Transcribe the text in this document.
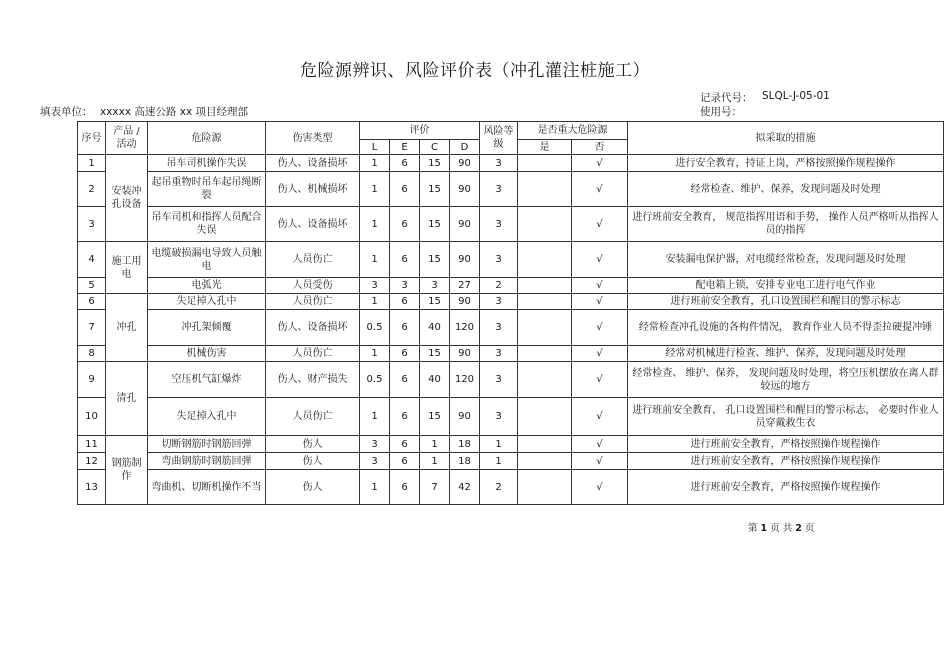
危险源辨识、风险评价表（冲孔灌注桩施工）
记录代号： SLQL-J-05-01
填表单位： xxxxx 高速公路 xx 项目经理部	使用号：
序号	产品 / 活动	危险源	伤害类型	评价				风险等级	是否重大危险源		拟采取的措施
				L	E	C	D		是	否	
1	安装冲孔设备	吊车司机操作失误	伤人、设备损坏	1	6	15	90	3		√	进行安全教育，持证上岗，严格按照操作规程操作
2		起吊重物时吊车起吊绳断裂	伤人、机械损坏	1	6	15	90	3		√	经常检查、维护、保养，发现问题及时处理
3		吊车司机和指挥人员配合失误	伤人、设备损坏	1	6	15	90	3		√	进行班前安全教育， 规范指挥用语和手势， 操作人员严格听从指挥人员的指挥
4	施工用电	电缆破损漏电导致人员触电	人员伤亡	1	6	15	90	3		√	安装漏电保护器，对电缆经常检查，发现问题及时处理
5		电弧光	人员受伤	3	3	3	27	2		√	配电箱上锁，安排专业电工进行电气作业
6	冲孔	失足掉入孔中	人员伤亡	1	6	15	90	3		√	进行班前安全教育，孔口设置围栏和醒目的警示标志
7		冲孔架倾覆	伤人、设备损坏	0.5	6	40	120	3		√	经常检查冲孔设施的各构件情况， 教育作业人员不得歪拉硬提冲锤
8		机械伤害	人员伤亡	1	6	15	90	3		√	经常对机械进行检查、维护、保养，发现问题及时处理
9	清孔	空压机气缸爆炸	伤人、财产损失	0.5	6	40	120	3		√	经常检查、 维护、保养， 发现问题及时处理，将空压机摆放在离人群较远的地方
10		失足掉入孔中	人员伤亡	1	6	15	90	3		√	进行班前安全教育， 孔口设置围栏和醒目的警示标志， 必要时作业人员穿戴救生衣
11	钢筋制作	切断钢筋时钢筋回弹	伤人	3	6	1	18	1		√	进行班前安全教育，严格按照操作规程操作
12		弯曲钢筋时钢筋回弹	伤人	3	6	1	18	1		√	进行班前安全教育，严格按照操作规程操作
13		弯曲机、切断机操作不当	伤人	1	6	7	42	2		√	进行班前安全教育，严格按照操作规程操作
第 1 页 共 2 页
